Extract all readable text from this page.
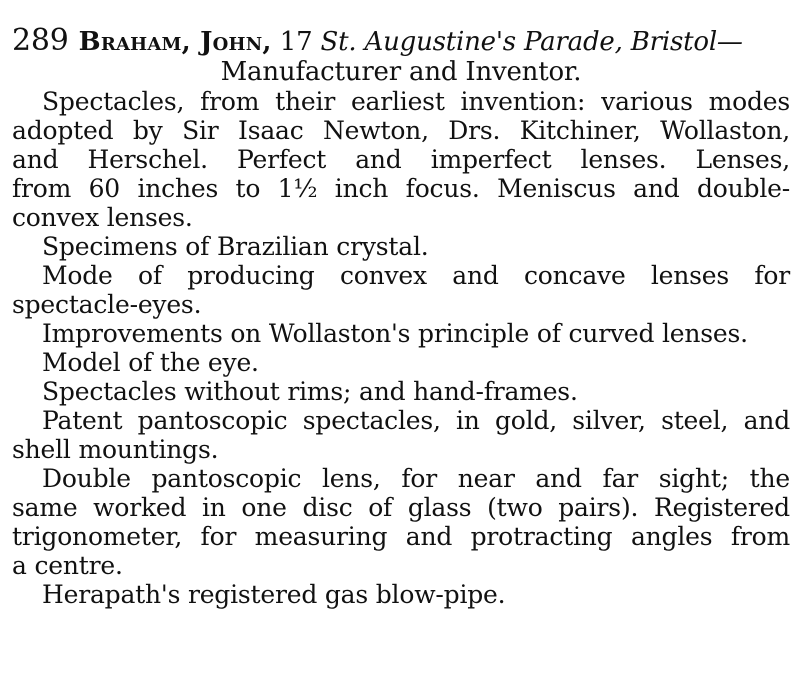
289 Braham, John, 17 St. Augustine's Parade, Bristol—
Manufacturer and Inventor.
Spectacles, from their earliest invention: various modes
adopted by Sir Isaac Newton, Drs. Kitchiner, Wollaston,
and Herschel. Perfect and imperfect lenses. Lenses,
from 60 inches to 1½ inch focus. Meniscus and double-
convex lenses.
Specimens of Brazilian crystal.
Mode of producing convex and concave lenses for
spectacle-eyes.
Improvements on Wollaston's principle of curved lenses.
Model of the eye.
Spectacles without rims; and hand-frames.
Patent pantoscopic spectacles, in gold, silver, steel, and
shell mountings.
Double pantoscopic lens, for near and far sight; the
same worked in one disc of glass (two pairs). Registered
trigonometer, for measuring and protracting angles from
a centre.
Herapath's registered gas blow-pipe.
